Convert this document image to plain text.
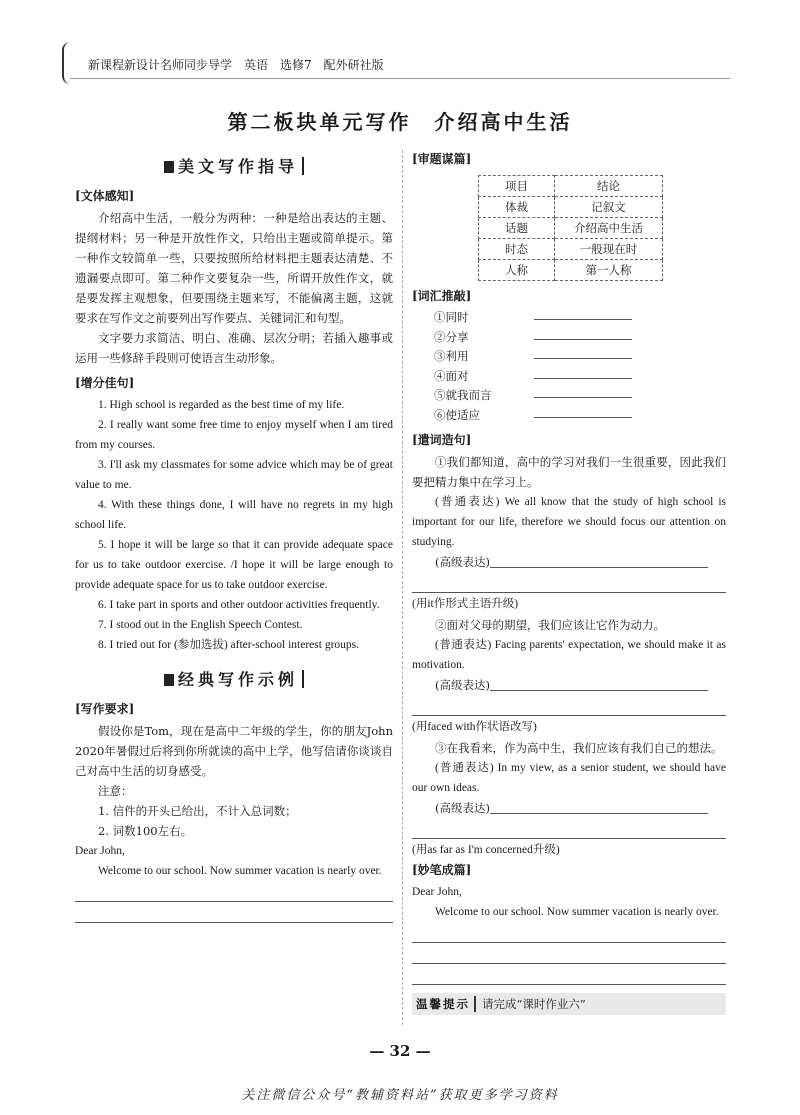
新课程新设计名师同步导学　英语　选修7　配外研社版
第二板块单元写作　介绍高中生活
美文写作指导
[文体感知]
介绍高中生活，一般分为两种：一种是给出表达的主题、提纲材料；另一种是开放性作文，只给出主题或简单提示。第一种作文较简单一些，只要按照所给材料把主题表达清楚、不遗漏要点即可。第二种作文要复杂一些，所谓开放性作文，就是要发挥主观想象，但要围绕主题来写，不能偏离主题，这就要求在写作文之前要列出写作要点、关键词汇和句型。
文字要力求简洁、明白、准确、层次分明；若插入趣事或运用一些修辞手段则可使语言生动形象。
[增分佳句]
1. High school is regarded as the best time of my life.
2. I really want some free time to enjoy myself when I am tired from my courses.
3. I'll ask my classmates for some advice which may be of great value to me.
4. With these things done, I will have no regrets in my high school life.
5. I hope it will be large so that it can provide adequate space for us to take outdoor exercise. /I hope it will be large enough to provide adequate space for us to take outdoor exercise.
6. I take part in sports and other outdoor activities frequently.
7. I stood out in the English Speech Contest.
8. I tried out for (参加选拔) after-school interest groups.
经典写作示例
[写作要求]
假设你是Tom，现在是高中二年级的学生，你的朋友John 2020年暑假过后将到你所就读的高中上学，他写信请你谈谈自己对高中生活的切身感受。
注意：
1. 信件的开头已给出，不计入总词数；
2. 词数100左右。
Dear John,
Welcome to our school. Now summer vacation is nearly over.
[审题谋篇]
项目	结论
体裁	记叙文
话题	介绍高中生活
时态	一般现在时
人称	第一人称
[词汇推敲]
①同时
②分享
③利用
④面对
⑤就我而言
⑥使适应
[遣词造句]
①我们都知道，高中的学习对我们一生很重要，因此我们要把精力集中在学习上。
(普通表达) We all know that the study of high school is important for our life, therefore we should focus our attention on studying.
(高级表达)
(用it作形式主语升级)
②面对父母的期望，我们应该让它作为动力。
(普通表达) Facing parents' expectation, we should make it as motivation.
(高级表达)
(用faced with作状语改写)
③在我看来，作为高中生，我们应该有我们自己的想法。
(普通表达) In my view, as a senior student, we should have our own ideas.
(高级表达)
(用as far as I'm concerned升级)
[妙笔成篇]
Dear John,
Welcome to our school. Now summer vacation is nearly over.
温馨提示	请完成“课时作业六”
— 32 —
关注微信公众号“教辅资料站”获取更多学习资料
